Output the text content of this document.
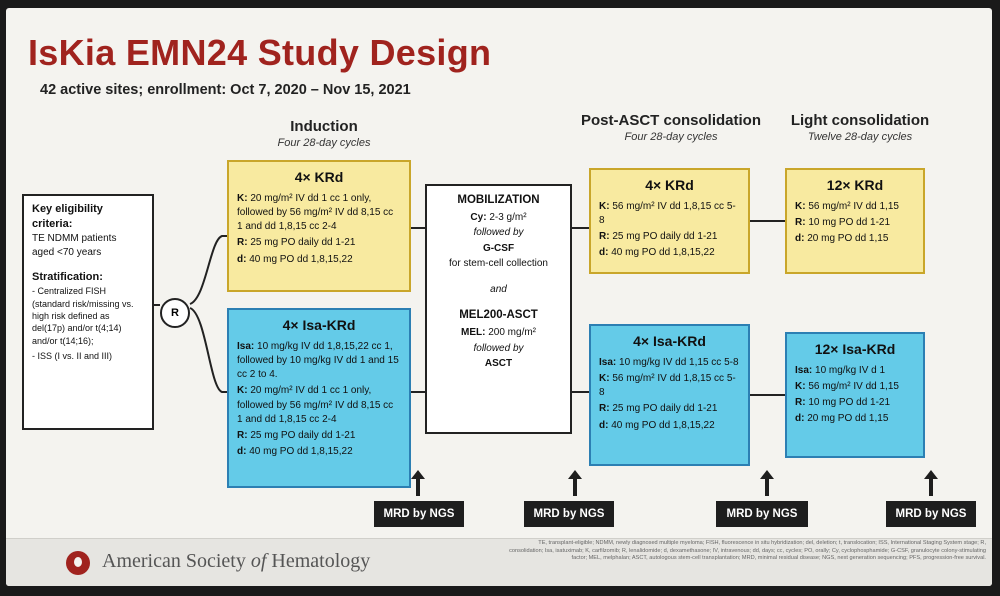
IsKia EMN24 Study Design
42 active sites; enrollment: Oct 7, 2020 – Nov 15, 2021
Induction
Four 28-day cycles
Post-ASCT consolidation
Four 28-day cycles
Light consolidation
Twelve 28-day cycles
Key eligibility criteria:
TE NDMM patients
aged <70 years
Stratification:
- Centralized FISH (standard risk/missing vs. high risk defined as del(17p) and/or t(4;14) and/or t(14;16);
- ISS (I vs. II and III)
R
4× KRd

K: 20 mg/m² IV dd 1 cc 1 only, followed by 56 mg/m² IV dd 8,15 cc 1 and dd 1,8,15 cc 2-4

R: 25 mg PO daily dd 1-21

d: 40 mg PO dd 1,8,15,22

4× Isa-KRd

Isa: 10 mg/kg IV dd 1,8,15,22 cc 1, followed by 10 mg/kg IV dd 1 and 15 cc 2 to 4.

K: 20 mg/m² IV dd 1 cc 1 only, followed by 56 mg/m² IV dd 8,15 cc 1 and dd 1,8,15 cc 2-4

R: 25 mg PO daily dd 1-21

d: 40 mg PO dd 1,8,15,22

MOBILIZATION
Cy: 2-3 g/m²
followed by
G-CSF
for stem-cell collection
and
MEL200-ASCT
MEL: 200 mg/m²
followed by
ASCT
4× KRd

K: 56 mg/m² IV dd 1,8,15 cc 5-8

R: 25 mg PO daily dd 1-21

d: 40 mg PO dd 1,8,15,22

4× Isa-KRd

Isa: 10 mg/kg IV dd 1,15 cc 5-8

K: 56 mg/m² IV dd 1,8,15 cc 5-8

R: 25 mg PO daily dd 1-21

d: 40 mg PO dd 1,8,15,22

12× KRd

K: 56 mg/m² IV dd 1,15

R: 10 mg PO dd 1-21

d: 20 mg PO dd 1,15

12× Isa-KRd

Isa: 10 mg/kg IV d 1

K: 56 mg/m² IV dd 1,15

R: 10 mg PO dd 1-21

d: 20 mg PO dd 1,15

MRD by NGS	MRD by NGS	MRD by NGS	MRD by NGS
American Society of Hematology
TE, transplant-eligible; NDMM, newly diagnosed multiple myeloma; FISH, fluorescence in situ hybridization; del, deletion; t, translocation; ISS, International Staging System stage; R, consolidation; Isa, isatuximab; K, carfilzomib; R, lenalidomide; d, dexamethasone; IV, intravenous; dd, days; cc, cycles; PO, orally; Cy, cyclophosphamide; G-CSF, granulocyte colony-stimulating factor; MEL, melphalan; ASCT, autologous stem-cell transplantation; MRD, minimal residual disease; NGS, next generation sequencing; PFS, progression-free survival.
